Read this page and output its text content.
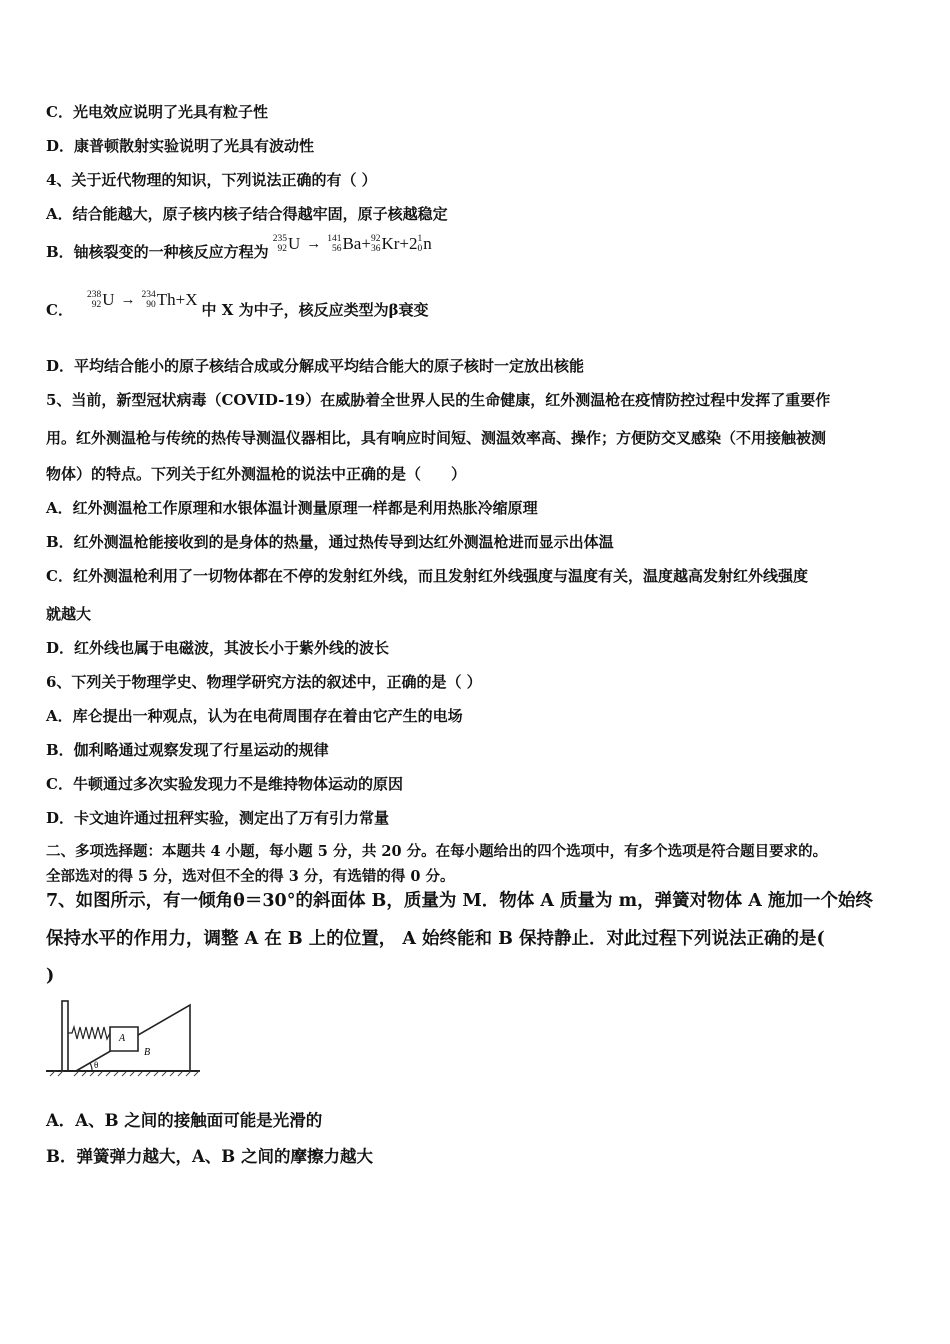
C．光电效应说明了光具有粒子性
D．康普顿散射实验说明了光具有波动性
4、关于近代物理的知识，下列说法正确的有（ ）
A．结合能越大，原子核内核子结合得越牢固，原子核越稳定
B．铀核裂变的一种核反应方程为
235
92 U → 141
56 Ba+ 92
36 Kr+2 1
0 n
C．
238
92 U → 234
90 Th+X
中 X 为中子，核反应类型为β衰变
D．平均结合能小的原子核结合成或分解成平均结合能大的原子核时一定放出核能
5、当前，新型冠状病毒（COVID-19）在威胁着全世界人民的生命健康，红外测温枪在疫情防控过程中发挥了重要作
用。红外测温枪与传统的热传导测温仪器相比，具有响应时间短、测温效率高、操作；方便防交叉感染（不用接触被测
物体）的特点。下列关于红外测温枪的说法中正确的是（　　）
A．红外测温枪工作原理和水银体温计测量原理一样都是利用热胀冷缩原理
B．红外测温枪能接收到的是身体的热量，通过热传导到达红外测温枪进而显示出体温
C．红外测温枪利用了一切物体都在不停的发射红外线，而且发射红外线强度与温度有关，温度越高发射红外线强度
就越大
D．红外线也属于电磁波，其波长小于紫外线的波长
6、下列关于物理学史、物理学研究方法的叙述中，正确的是（ ）
A．库仑提出一种观点，认为在电荷周围存在着由它产生的电场
B．伽利略通过观察发现了行星运动的规律
C．牛顿通过多次实验发现力不是维持物体运动的原因
D．卡文迪许通过扭秤实验，测定出了万有引力常量
二、多项选择题：本题共 4 小题，每小题 5 分，共 20 分。在每小题给出的四个选项中，有多个选项是符合题目要求的。
全部选对的得 5 分，选对但不全的得 3 分，有选错的得 0 分。
7、如图所示，有一倾角θ＝30°的斜面体 B，质量为 M．物体 A 质量为 m，弹簧对物体 A 施加一个始终
保持水平的作用力，调整 A 在 B 上的位置， A 始终能和 B 保持静止．对此过程下列说法正确的是(
)
A
B
θ
A．A、B 之间的接触面可能是光滑的
B．弹簧弹力越大，A、B 之间的摩擦力越大
